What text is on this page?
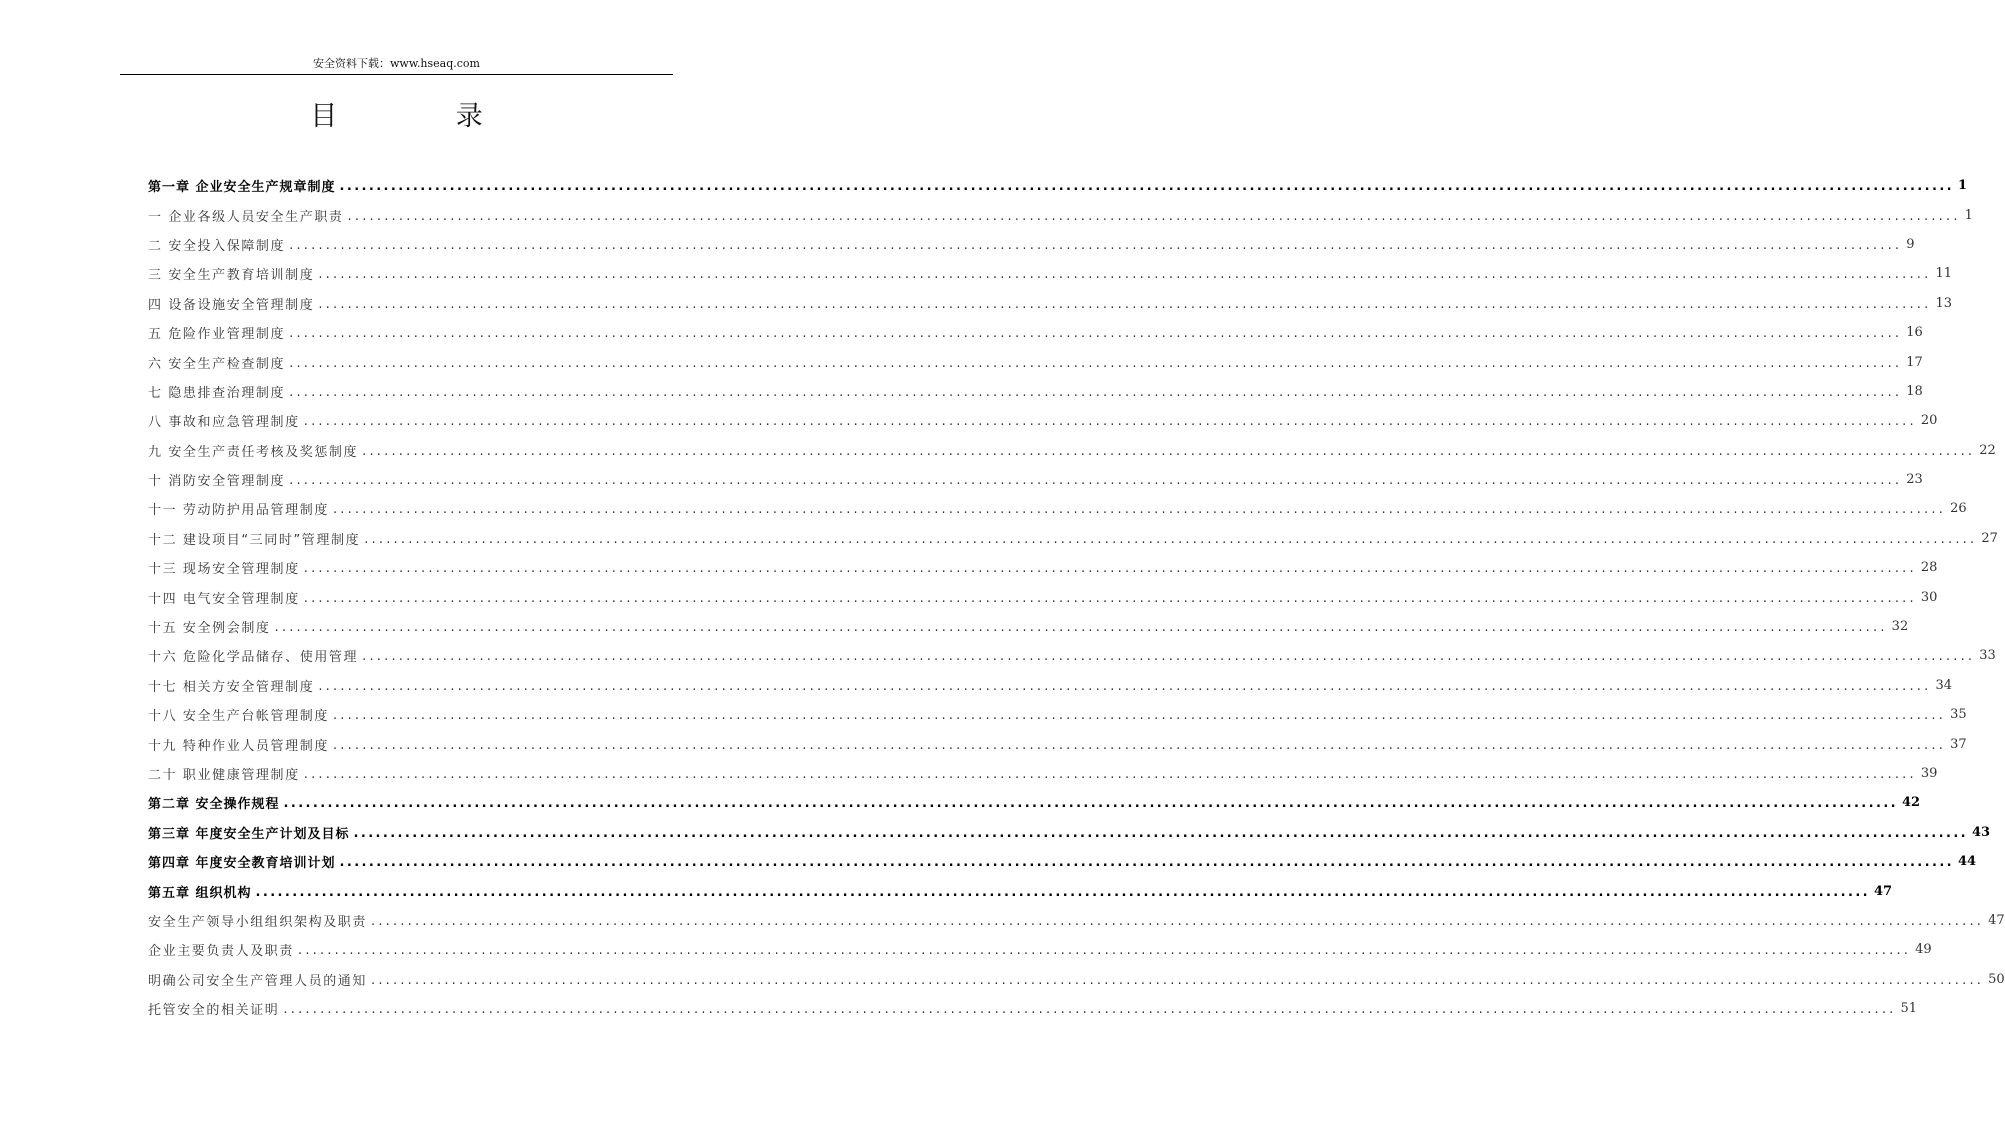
安全资料下载：www.hseaq.com
目 录
第一章 企业安全生产规章制度 ............................................................................................................................................................................................................................ 1
一 企业各级人员安全生产职责 ............................................................................................................................................................................................................................ 1
二 安全投入保障制度 ............................................................................................................................................................................................................................ 9
三 安全生产教育培训制度 ............................................................................................................................................................................................................................ 11
四 设备设施安全管理制度 ............................................................................................................................................................................................................................ 13
五 危险作业管理制度 ............................................................................................................................................................................................................................ 16
六 安全生产检查制度 ............................................................................................................................................................................................................................ 17
七 隐患排查治理制度 ............................................................................................................................................................................................................................ 18
八 事故和应急管理制度 ............................................................................................................................................................................................................................ 20
九 安全生产责任考核及奖惩制度 ............................................................................................................................................................................................................................ 22
十 消防安全管理制度 ............................................................................................................................................................................................................................ 23
十一 劳动防护用品管理制度 ............................................................................................................................................................................................................................ 26
十二 建设项目“三同时”管理制度 ............................................................................................................................................................................................................................ 27
十三 现场安全管理制度 ............................................................................................................................................................................................................................ 28
十四 电气安全管理制度 ............................................................................................................................................................................................................................ 30
十五 安全例会制度 ............................................................................................................................................................................................................................ 32
十六 危险化学品储存、使用管理 ............................................................................................................................................................................................................................ 33
十七 相关方安全管理制度 ............................................................................................................................................................................................................................ 34
十八 安全生产台帐管理制度 ............................................................................................................................................................................................................................ 35
十九 特种作业人员管理制度 ............................................................................................................................................................................................................................ 37
二十 职业健康管理制度 ............................................................................................................................................................................................................................ 39
第二章 安全操作规程 ............................................................................................................................................................................................................................ 42
第三章 年度安全生产计划及目标 ............................................................................................................................................................................................................................ 43
第四章 年度安全教育培训计划 ............................................................................................................................................................................................................................ 44
第五章 组织机构 ............................................................................................................................................................................................................................ 47
安全生产领导小组组织架构及职责 ............................................................................................................................................................................................................................ 47
企业主要负责人及职责 ............................................................................................................................................................................................................................ 49
明确公司安全生产管理人员的通知 ............................................................................................................................................................................................................................ 50
托管安全的相关证明 ............................................................................................................................................................................................................................ 51
